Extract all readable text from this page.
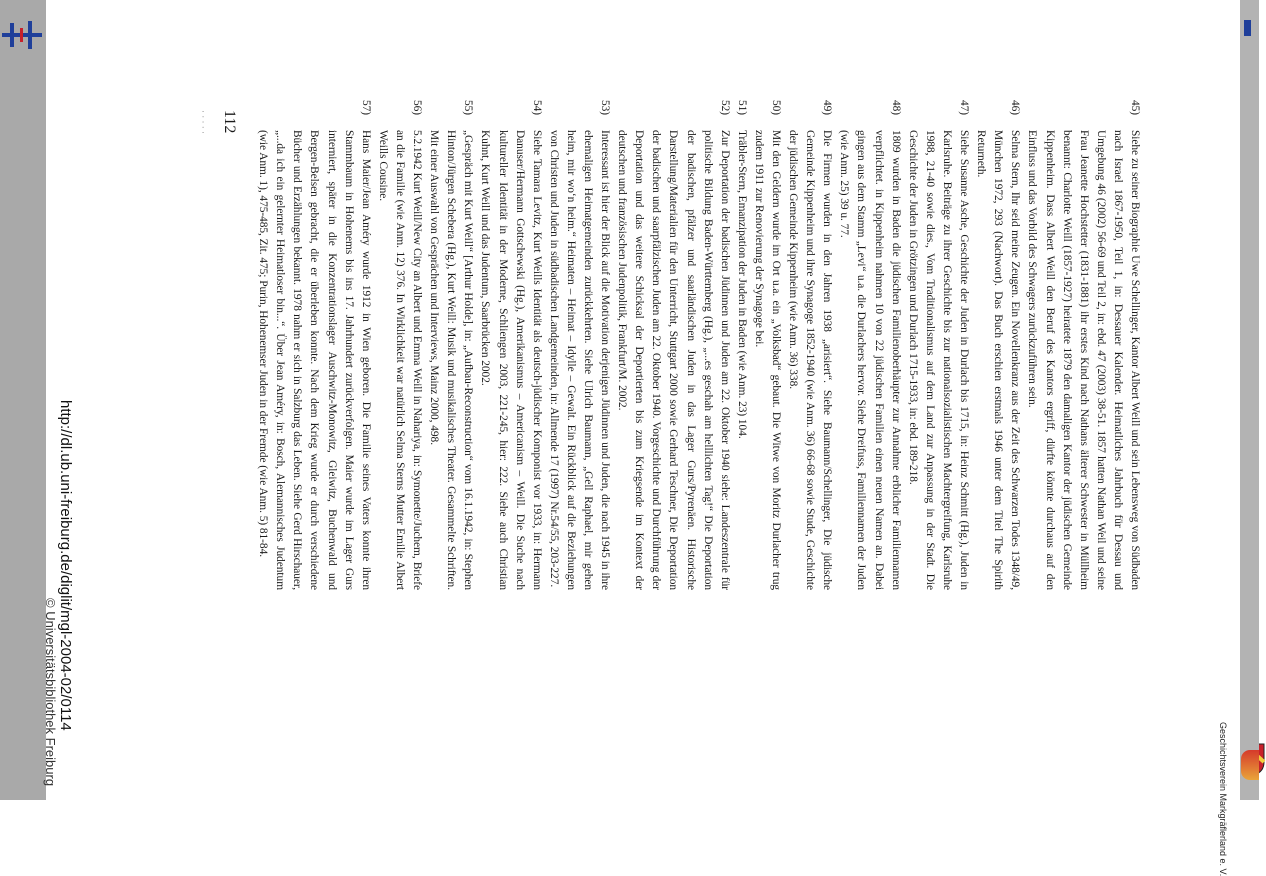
45)
Siehe zu seiner Biographie Uwe Schellinger, Kantor Albert Weill und sein Lebensweg von Südbaden nach Israel 1867-1950, Teil 1, in: Dessauer Kalender. Heimatliches Jahrbuch für Dessau und Umgebung 46 (2002) 56-69 und Teil 2, in: ebd. 47 (2003) 38-51. 1857 hatten Nathan Weil und seine Frau Jeanette Hochstetter (1831-1881) ihr erstes Kind nach Nathans älterer Schwester in Müllheim benannt: Charlotte Weill (1857-1927) heiratete 1879 den damaligen Kantor der jüdischen Gemeinde Kippenheim. Dass Albert Weill den Beruf des Kantors ergriff, dürfte könnte durchaus auf den Einfluss und das Vorbild des Schwagers zurückzuführen sein.
46)
Selma Stern, Ihr seid meine Zeugen. Ein Novellenkranz aus der Zeit des Schwarzen Todes 1348/49, München 1972, 293 (Nachwort). Das Buch erschien erstmals 1946 unter dem Titel The Spirith Returneth.
47)
Siehe Susanne Asche, Geschichte der Juden in Durlach bis 1715, in: Heinz Schmitt (Hg.), Juden in Karlsruhe. Beiträge zu ihrer Geschichte bis zur nationalsozialistischen Machtergreifung, Karlsruhe 1988, 21-40 sowie dies., Vom Traditionalismus auf dem Land zur Anpassung in der Stadt. Die Geschichte der Juden in Grötzingen und Durlach 1715-1933, in: ebd. 189-218.
48)
1809 wurden in Baden die jüdischen Familienoberhäupter zur Annahme erblicher Familiennamen verpflichtet. in Kippenheim nahmen 10 von 22 jüdischen Familien einen neuen Namen an. Dabei gingen aus dem Stamm „Levi“ u.a. die Durlachers hervor. Siehe Dreifuss, Familiennamen der Juden (wie Anm. 25) 39 u. 77.
49)
Die Firmen wurden in den Jahren 1938 „arisiert“. Siehe Baumann/Schellinger, Die jüdische Gemeinde Kippenheim und ihre Synagoge 1852-1940 (wie Anm. 36) 66-68 sowie Stude, Geschichte der jüdischen Gemeinde Kippenheim (wie Anm. 36) 338.
50)
Mit den Geldern wurde im Ort u.a. ein „Volksbad“ gebaut. Die Witwe von Moritz Durlacher trug zudem 1911 zur Renovierung der Synagoge bei.
51)
Träbler-Stern, Emanzipation der Juden in Baden (wie Anm. 23) 104.
52)
Zur Deportation der badischen Jüdinnen und Juden am 22. Oktober 1940 siehe: Landeszentrale für politische Bildung Baden-Württemberg (Hg.), „...es geschah am helllichten Tag!“ Die Deportation der badischen, pfälzer und saarländischen Juden in das Lager Gurs/Pyrenäen. Historische Darstellung/Materialien für den Unterricht, Stuttgart 2000 sowie Gerhard Teschner, Die Deportation der badischen und saarpfälzischen Juden am 22. Oktober 1940. Vorgeschichte und Durchführung der Deportation und das weitere Schicksal der Deportierten bis zum Kriegsende im Kontext der deutschen und französischen Judenpolitik, Frankfurt/M. 2002.
53)
Interessant ist hier der Blick auf die Motivation derjenigen Jüdinnen und Juden, die nach 1945 in ihre ehemaligen Heimatgemeinden zurückkehrten. Siehe Ulrich Baumann, „Gell Raphael, mir gehen heim, mir wo‘n heim.“ Heimaten – Heimat – Idylle – Gewalt. Ein Rückblick auf die Beziehungen von Christen und Juden in südbadischen Landgemeinden, in: Allmende 17 (1997) Nr.54/55, 203-227.
54)
Siehe Tamara Levitz, Kurt Weills Identität als deutsch-jüdischer Komponist vor 1933, in: Hermann Danuser/Hermann Gottschewski (Hg.), Amerikanismus – Americanism – Weill. Die Suche nach kultureller Identität in der Moderne, Schliengen 2003, 221-245, hier: 222. Siehe auch Christian Kuhnt, Kurt Weill und das Judentum, Saarbrücken 2002.
55)
„Gespräch mit Kurt Weill“ [Arthur Holde], in: „Aufbau-Reconstruction“ vom 16.1.1942, in: Stephen Hinton/Jürgen Schebera (Hg.), Kurt Weill: Musik und musikalisches Theater. Gesammelte Schriften. Mit einer Auswahl von Gesprächen und Interviews, Mainz 2000, 498.
56)
5.2.1942 Kurt Weill/New City an Albert und Emma Weill in Nahariya, in: Symonette/Juchem, Briefe an die Familie (wie Anm. 12) 376. In Wirklichkeit war natürlich Selma Sterns Mutter Emilie Albert Weills Cousine.
57)
Hans Maier/Jean Améry wurde 1912 in Wien geboren. Die Familie seines Vaters konnte ihren Stammbaum in Hohenems bis ins 17. Jahrhundert zurückverfolgen. Maier wurde im Lager Gurs interniert, später in die Konzentrationslager Auschwitz-Monowitz, Gleiwitz, Buchenwald und Bergen-Belsen gebracht, die er überleben konnte. Nach dem Krieg wurde er durch verschiedene Bücher und Erzählungen bekannt. 1978 nahm er sich in Salzburg das Leben. Siehe Gerd Hirschauer, „...da ich ein gelernter Heimatloser bin...“. Über Jean Améry, in: Bosch, Alemannisches Judentum (wie Anm. 1), 475-485, Zit. 475; Purin, Hohenemser Juden in der Fremde (wie Anm. 5) 81-84.
112
· · · · ·
http://dl.ub.uni-freiburg.de/diglit/mgl-2004-02/0114
© Universitätsbibliothek Freiburg
Geschichtsverein Markgräflerland e. V.
